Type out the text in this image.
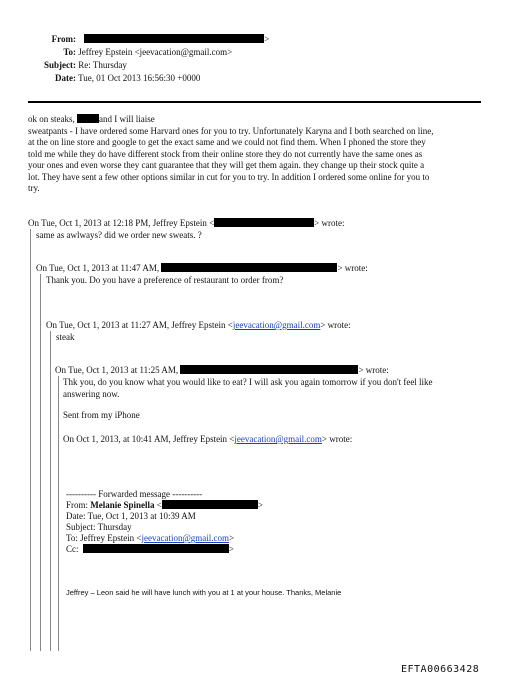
From:	>
To: Jeffrey Epstein <jeevacation@gmail.com>
Subject: Re: Thursday
Date: Tue, 01 Oct 2013 16:56:30 +0000
ok on steaks,	and I will liaise
sweatpants - I have ordered some Harvard ones for you to try. Unfortunately Karyna and I both searched on line,
at the on line store and google to get the exact same and we could not find them. When I phoned the store they
told me while they do have different stock from their online store they do not currently have the same ones as
your ones and even worse they cant guarantee that they will get them again. they change up their stock quite a
lot. They have sent a few other options similar in cut for you to try. In addition I ordered some online for you to
try.
On Tue, Oct 1, 2013 at 12:18 PM, Jeffrey Epstein <	> wrote:
same as awlways? did we order new sweats. ?
On Tue, Oct 1, 2013 at 11:47 AM,	> wrote:
Thank you. Do you have a preference of restaurant to order from?
On Tue, Oct 1, 2013 at 11:27 AM, Jeffrey Epstein <jeevacation@gmail.com> wrote:
steak
On Tue, Oct 1, 2013 at 11:25 AM,	> wrote:
Thk you, do you know what you would like to eat? I will ask you again tomorrow if you don't feel like
answering now.
Sent from my iPhone
On Oct 1, 2013, at 10:41 AM, Jeffrey Epstein <jeevacation@gmail.com> wrote:
---------- Forwarded message ----------
From: Melanie Spinella <	>
Date: Tue, Oct 1, 2013 at 10:39 AM
Subject: Thursday
To: Jeffrey Epstein <jeevacation@gmail.com>
Cc:	>
Jeffrey – Leon said he will have lunch with you at 1 at your house. Thanks, Melanie
EFTA00663428
